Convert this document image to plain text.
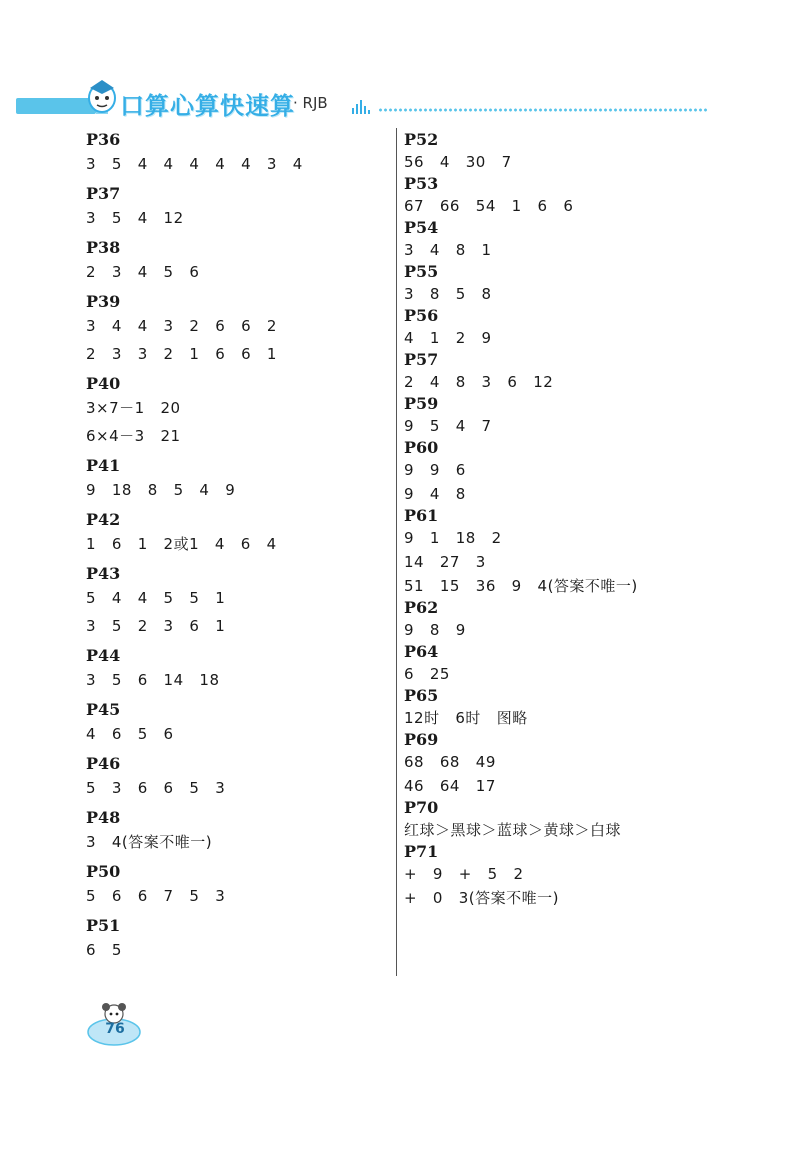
口算心算快速算
· RJB
P36
3   5   4   4   4   4   4   3   4
P37
3   5   4   12
P38
2   3   4   5   6
P39
3   4   4   3   2   6   6   2
2   3   3   2   1   6   6   1
P40
3×7－1   20
6×4－3   21
P41
9   18   8   5   4   9
P42
1   6   1   2或1   4   6   4
P43
5   4   4   5   5   1
3   5   2   3   6   1
P44
3   5   6   14   18
P45
4   6   5   6
P46
5   3   6   6   5   3
P48
3   4(答案不唯一)
P50
5   6   6   7   5   3
P51
6   5
P52
56   4   30   7
P53
67   66   54   1   6   6
P54
3   4   8   1
P55
3   8   5   8
P56
4   1   2   9
P57
2   4   8   3   6   12
P59
9   5   4   7
P60
9   9   6
9   4   8
P61
9   1   18   2
14   27   3
51   15   36   9   4(答案不唯一)
P62
9   8   9
P64
6   25
P65
12时   6时   图略
P69
68   68   49
46   64   17
P70
红球＞黑球＞蓝球＞黄球＞白球
P71
+   9   +   5   2
+   0   3(答案不唯一)
76
